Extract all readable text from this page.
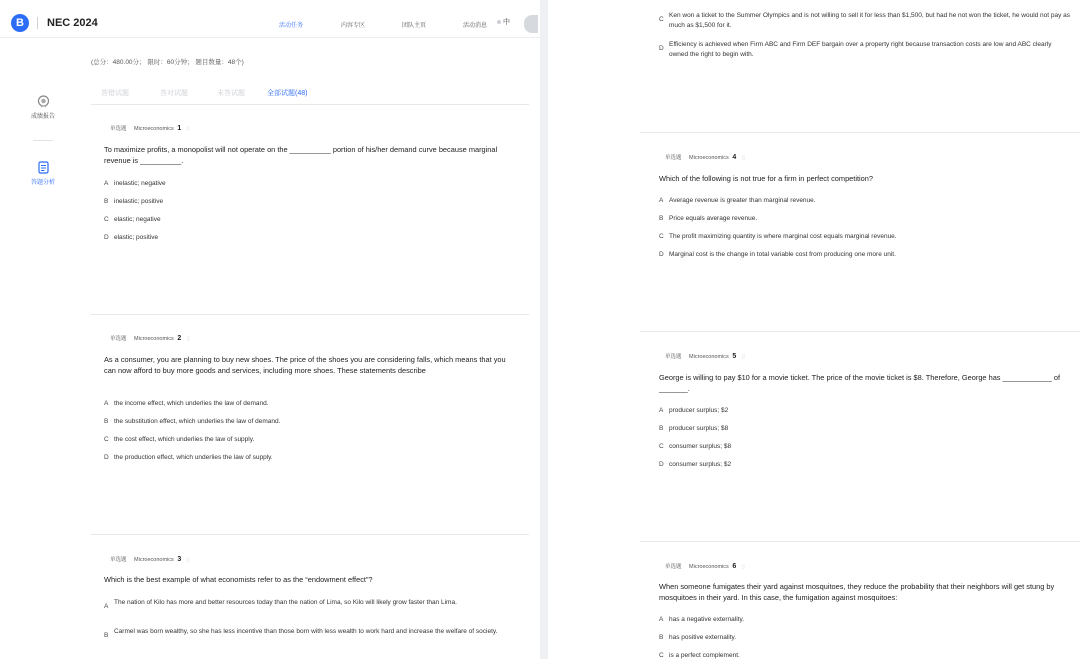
B	NEC 2024	活动任务	内容专区	团队主页	活动消息 中
成绩报告
答题分析
(总分：480.00分； 限时：60分钟； 题目数量：48个)
答错试题	答对试题	未答试题	全部试题(48)
单选题 Microeconomics 1 ▯
To maximize profits, a monopolist will not operate on the __________ portion of his/her demand curve because marginal revenue is __________.
A inelastic; negative
B inelastic; positive
C elastic; negative
D elastic; positive
单选题 Microeconomics 2 ▯
As a consumer, you are planning to buy new shoes. The price of the shoes you are considering falls, which means that you can now afford to buy more goods and services, including more shoes. These statements describe
A the income effect, which underlies the law of demand.
B the substitution effect, which underlies the law of demand.
C the cost effect, which underlies the law of supply.
D the production effect, which underlies the law of supply.
单选题 Microeconomics 3 ▯
Which is the best example of what economists refer to as the “endowment effect”?
A
The nation of Kilo has more and better resources today than the nation of Lima, so Kilo will likely grow faster than Lima.
B
Carmel was born wealthy, so she has less incentive than those born with less wealth to work hard and increase the welfare of society.
C
Ken won a ticket to the Summer Olympics and is not willing to sell it for less than $1,500, but had he not won the ticket, he would not pay as much as $1,500 for it.
D
Efficiency is achieved when Firm ABC and Firm DEF bargain over a property right because transaction costs are low and ABC clearly owned the right to begin with.
单选题 Microeconomics 4 ▯
Which of the following is not true for a firm in perfect competition?
A Average revenue is greater than marginal revenue.
B Price equals average revenue.
C The profit maximizing quantity is where marginal cost equals marginal revenue.
D Marginal cost is the change in total variable cost from producing one more unit.
单选题 Microeconomics 5 ▯
George is willing to pay $10 for a movie ticket. The price of the movie ticket is $8. Therefore, George has ____________ of _______.
A producer surplus; $2
B producer surplus; $8
C consumer surplus; $8
D consumer surplus; $2
单选题 Microeconomics 6 ▯
When someone fumigates their yard against mosquitoes, they reduce the probability that their neighbors will get stung by mosquitoes in their yard. In this case, the fumigation against mosquitoes:
A has a negative externality.
B has positive externality.
C is a perfect complement.
